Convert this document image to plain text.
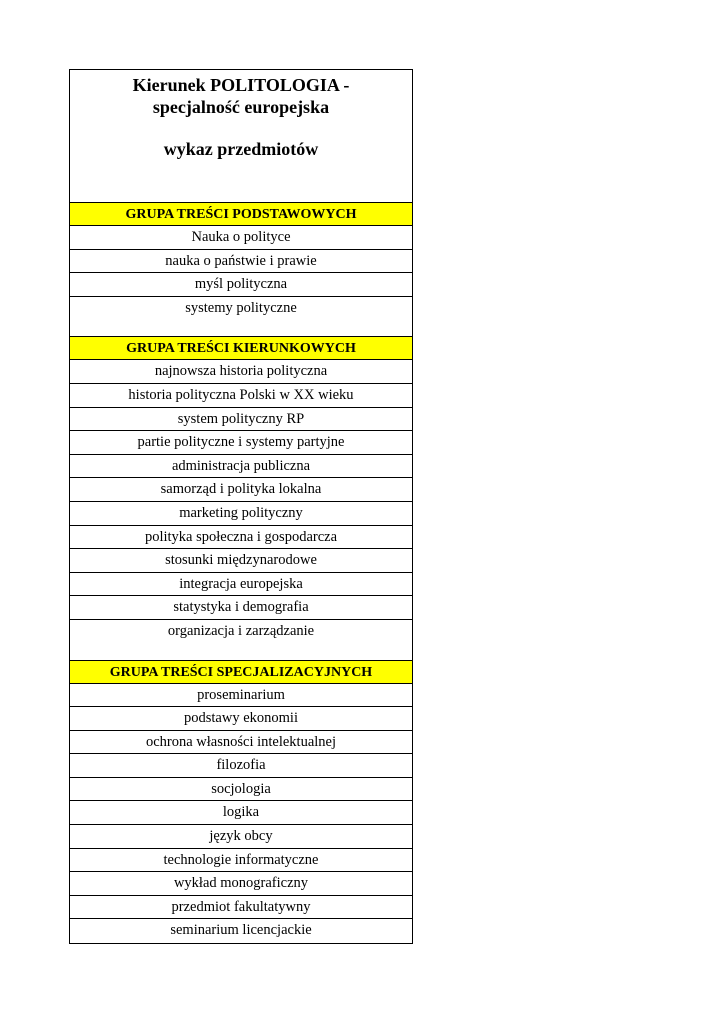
Kierunek POLITOLOGIA -
specjalność europejska
wykaz przedmiotów
GRUPA TREŚCI PODSTAWOWYCH
Nauka o polityce
nauka o państwie i prawie
myśl polityczna
systemy polityczne
GRUPA TREŚCI KIERUNKOWYCH
najnowsza historia polityczna
historia polityczna Polski w XX wieku
system polityczny RP
partie polityczne i systemy partyjne
administracja publiczna
samorząd i polityka lokalna
marketing polityczny
polityka społeczna i gospodarcza
stosunki międzynarodowe
integracja europejska
statystyka i demografia
organizacja i zarządzanie
GRUPA TREŚCI SPECJALIZACYJNYCH
proseminarium
podstawy ekonomii
ochrona własności intelektualnej
filozofia
socjologia
logika
język obcy
technologie informatyczne
wykład monograficzny
przedmiot fakultatywny
seminarium licencjackie
